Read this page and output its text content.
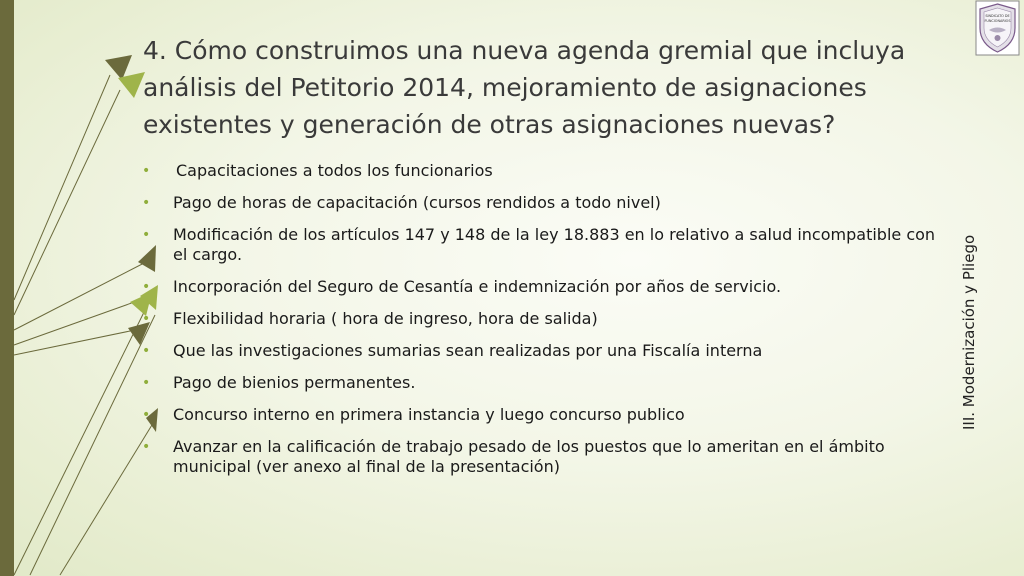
4. Cómo construimos una nueva agenda gremial que incluya análisis del Petitorio 2014, mejoramiento de asignaciones existentes y generación de otras asignaciones nuevas?
• Capacitaciones a todos los funcionarios
• Pago de horas de capacitación (cursos rendidos a todo nivel)
• Modificación de los artículos 147 y 148 de la ley 18.883 en lo relativo a salud incompatible con el cargo.
• Incorporación del Seguro de Cesantía e indemnización por años de servicio.
• Flexibilidad horaria ( hora de ingreso, hora de salida)
• Que las investigaciones sumarias sean realizadas por una Fiscalía interna
• Pago de bienios permanentes.
• Concurso interno en primera instancia y luego concurso publico
• Avanzar en la calificación de trabajo pesado de los puestos que lo ameritan en el ámbito municipal (ver anexo al final de la presentación)
III. Modernización y Pliego
SINDICATO DE
FUNCIONARIOS
